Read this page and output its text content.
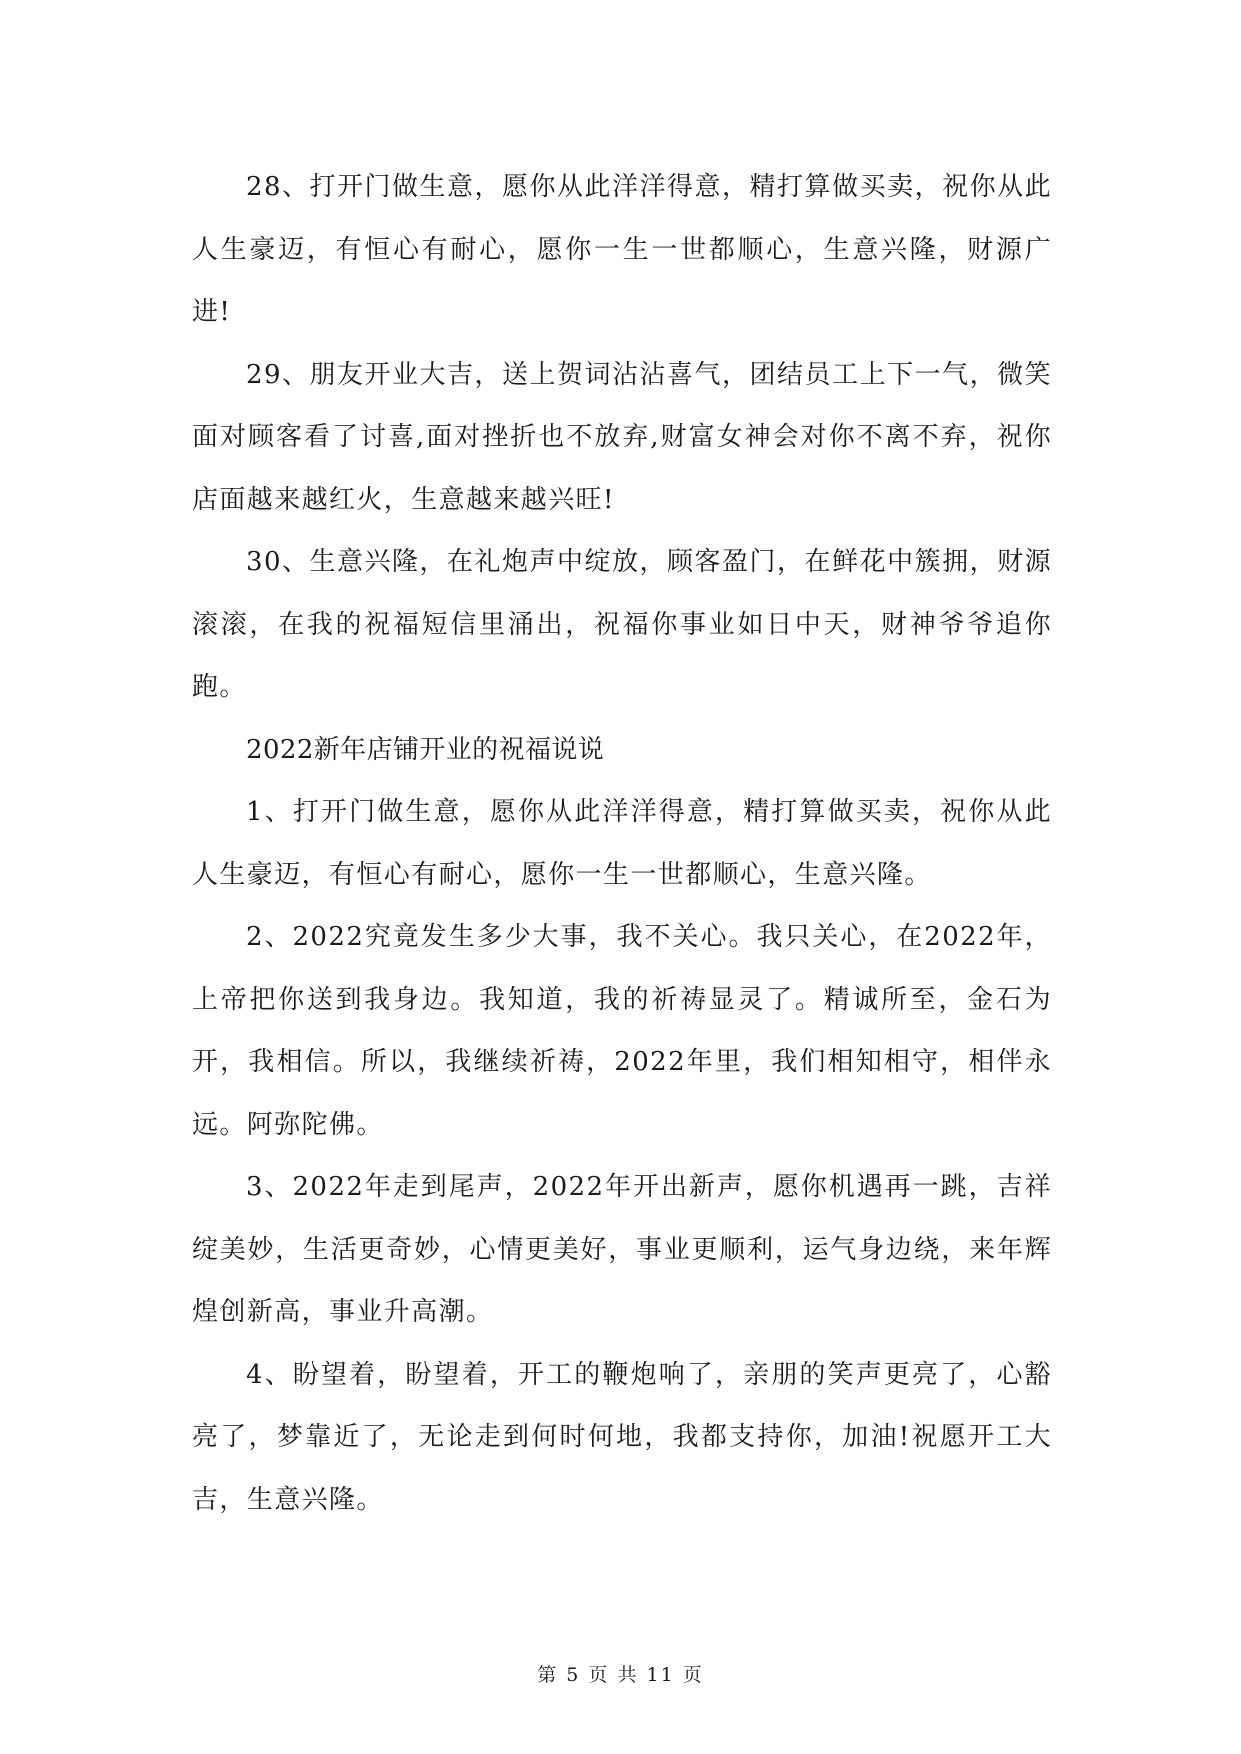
28、打开门做生意，愿你从此洋洋得意，精打算做买卖，祝你从此人生豪迈，有恒心有耐心，愿你一生一世都顺心，生意兴隆，财源广进!

29、朋友开业大吉，送上贺词沾沾喜气，团结员工上下一气，微笑面对顾客看了讨喜,面对挫折也不放弃,财富女神会对你不离不弃，祝你店面越来越红火，生意越来越兴旺!

30、生意兴隆，在礼炮声中绽放，顾客盈门，在鲜花中簇拥，财源滚滚，在我的祝福短信里涌出，祝福你事业如日中天，财神爷爷追你跑。

2022新年店铺开业的祝福说说

1、打开门做生意，愿你从此洋洋得意，精打算做买卖，祝你从此人生豪迈，有恒心有耐心，愿你一生一世都顺心，生意兴隆。

2、2022究竟发生多少大事，我不关心。我只关心，在2022年，上帝把你送到我身边。我知道，我的祈祷显灵了。精诚所至，金石为开，我相信。所以，我继续祈祷，2022年里，我们相知相守，相伴永远。阿弥陀佛。

3、2022年走到尾声，2022年开出新声，愿你机遇再一跳，吉祥绽美妙，生活更奇妙，心情更美好，事业更顺利，运气身边绕，来年辉煌创新高，事业升高潮。

4、盼望着，盼望着，开工的鞭炮响了，亲朋的笑声更亮了，心豁亮了，梦靠近了，无论走到何时何地，我都支持你，加油!祝愿开工大吉，生意兴隆。

第 5 页 共 11 页
